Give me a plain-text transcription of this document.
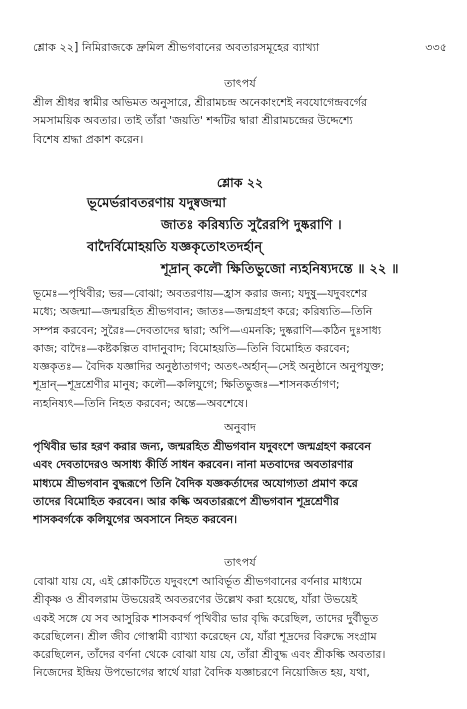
শ্লোক ২২] নিমিরাজকে দ্রুমিল শ্রীভগবানের অবতারসমূহের ব্যাখ্যা	৩৩৫
তাৎপর্য
শ্রীল শ্রীধর স্বামীর অভিমত অনুসারে, শ্রীরামচন্দ্র অনেকাংশেই নবযোগেন্দ্রবর্গের
সমসাময়িক অবতার। তাই তাঁরা 'জয়তি' শব্দটির দ্বারা শ্রীরামচন্দ্রের উদ্দেশ্যে
বিশেষ শ্রদ্ধা প্রকাশ করেন।
শ্লোক ২২
ভূমের্ভরাবতরণায় যদুষ্বজন্মা
জাতঃ করিষ্যতি সুরৈরপি দুষ্করাণি ।
বাদৈর্বিমোহয়তি যজ্ঞকৃতোঽতদর্হান্‌
শূদ্রান্‌ কলৌ ক্ষিতিভুজো ন্যহনিষ্যদন্তে ॥ ২২ ॥
ভূমেঃ—পৃথিবীর; ভর—বোঝা; অবতরণায়—হ্রাস করার জন্য; যদুষু—যদুবংশের
মধ্যে; অজন্মা—জন্মরহিত শ্রীভগবান; জাতঃ—জন্মগ্রহণ করে; করিষ্যতি—তিনি
সম্পন্ন করবেন; সুরৈঃ—দেবতাদের দ্বারা; অপি—এমনকি; দুষ্করাণি—কঠিন দুঃসাধ্য
কাজ; বাদৈঃ—কষ্টকল্পিত বাদানুবাদ; বিমোহয়তি—তিনি বিমোহিত করবেন;
যজ্ঞকৃতঃ— বৈদিক যজ্ঞাদির অনুষ্ঠাতাগণ; অতৎ-অর্হান্‌—সেই অনুষ্ঠানে অনুপযুক্ত;
শূদ্রান্‌—শূদ্রশ্রেণীর মানুষ; কলৌ—কলিযুগে; ক্ষিতিভুজঃ—শাসনকর্তাগণ;
ন্যহনিষ্যৎ—তিনি নিহত করবেন; অন্তে—অবশেষে।
অনুবাদ
পৃথিবীর ভার হরণ করার জন্য, জন্মরহিত শ্রীভগবান যদুবংশে জন্মগ্রহণ করবেন
এবং দেবতাদেরও অসাধ্য কীর্তি সাধন করবেন। নানা মতবাদের অবতারণার
মাধ্যমে শ্রীভগবান বুদ্ধরূপে তিনি বৈদিক যজ্ঞকর্তাদের অযোগ্যতা প্রমাণ করে
তাদের বিমোহিত করবেন। আর কল্কি অবতাররূপে শ্রীভগবান শূদ্রশ্রেণীর
শাসকবর্গকে কলিযুগের অবসানে নিহত করবেন।
তাৎপর্য
বোঝা যায় যে, এই শ্লোকটিতে যদুবংশে আবির্ভূত শ্রীভগবানের বর্ণনার মাধ্যমে
শ্রীকৃষ্ণ ও শ্রীবলরাম উভয়েরই অবতরণের উল্লেখ করা হয়েছে, যাঁরা উভয়েই
একই সঙ্গে যে সব আসুরিক শাসকবর্গ পৃথিবীর ভার বৃদ্ধি করেছিল, তাদের দুর্বীভূত
করেছিলেন। শ্রীল জীব গোস্বামী ব্যাখ্যা করেছেন যে, যাঁরা শূদ্রদের বিরুদ্ধে সংগ্রাম
করেছিলেন, তাঁদের বর্ণনা থেকে বোঝা যায় যে, তাঁরা শ্রীবুদ্ধ এবং শ্রীকল্কি অবতার।
নিজেদের ইন্দ্রিয় উপভোগের স্বার্থে যারা বৈদিক যজ্ঞাচরণে নিয়োজিত হয়, যথা,
